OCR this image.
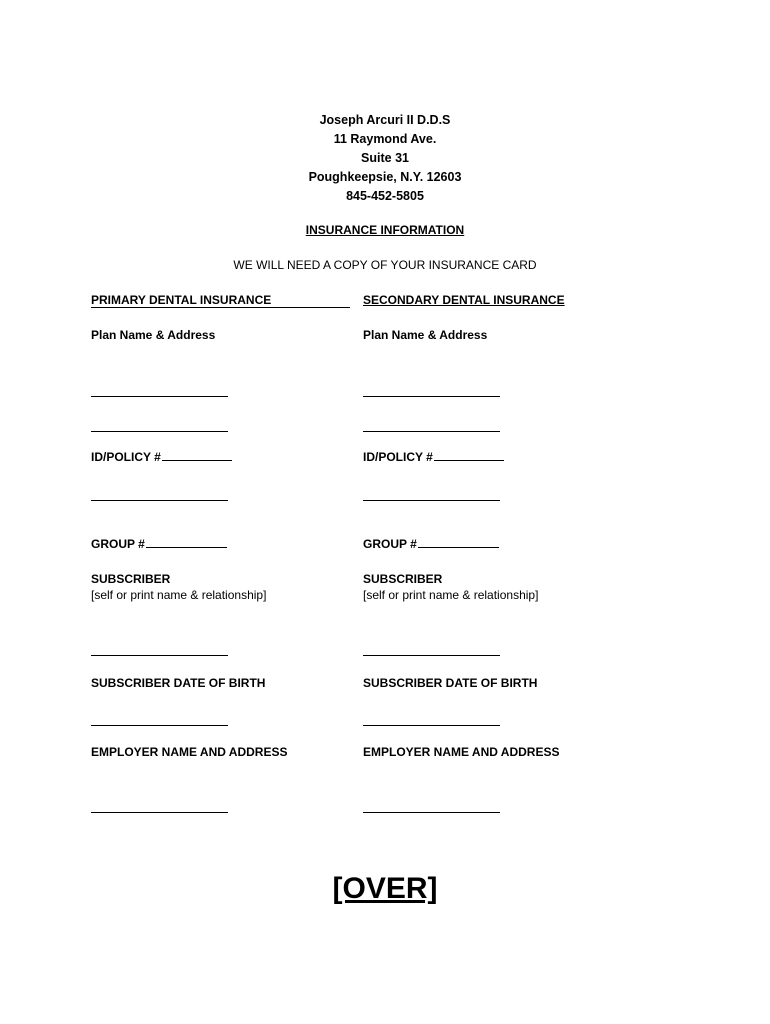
Joseph Arcuri II D.D.S
11 Raymond Ave.
Suite 31
Poughkeepsie, N.Y. 12603
845-452-5805
INSURANCE INFORMATION
WE WILL NEED A COPY OF YOUR INSURANCE CARD
PRIMARY DENTAL INSURANCE
Plan Name & Address
ID/POLICY #
GROUP #
SUBSCRIBER
[self or print name & relationship]
SUBSCRIBER DATE OF BIRTH
EMPLOYER NAME AND ADDRESS
SECONDARY DENTAL INSURANCE
Plan Name & Address
ID/POLICY #
GROUP #
SUBSCRIBER
[self or print name & relationship]
SUBSCRIBER DATE OF BIRTH
EMPLOYER NAME AND ADDRESS
[OVER]
